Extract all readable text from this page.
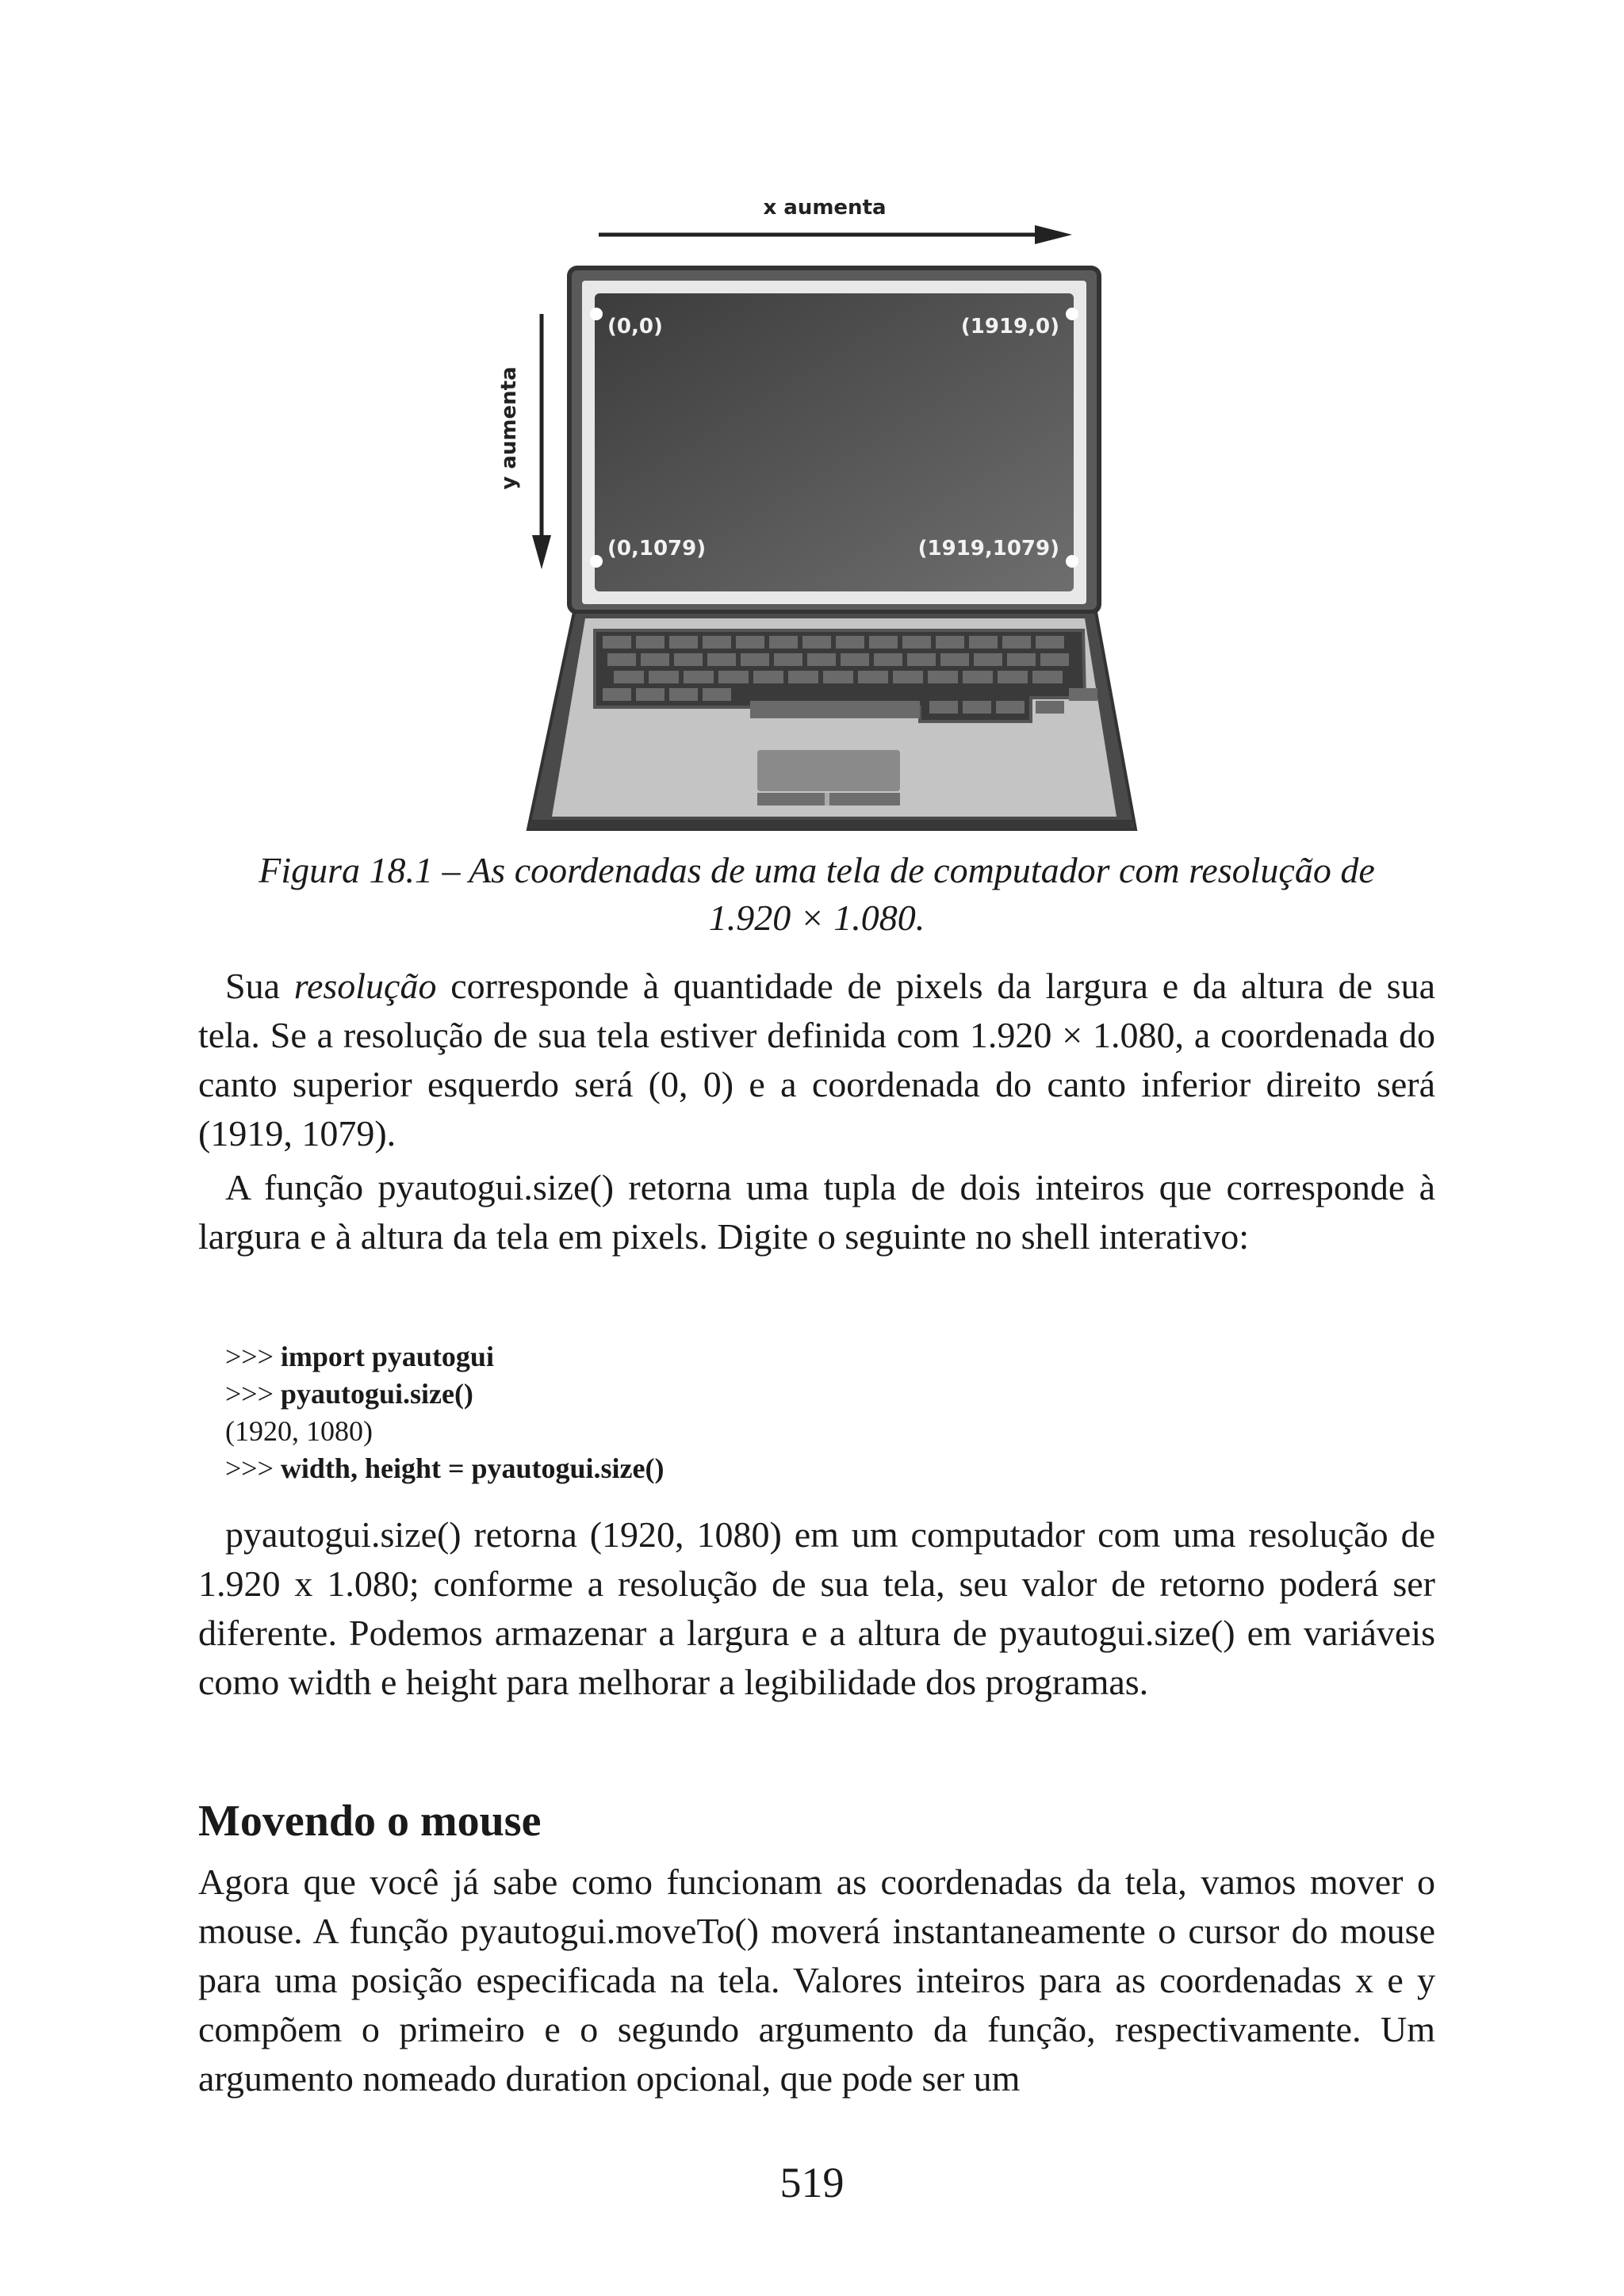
x aumenta
y aumenta
(0,0)	(1919,0)
(0,1079)	(1919,1079)
Figura 18.1 – As coordenadas de uma tela de computador com resolução de
1.920 × 1.080.

Sua resolução corresponde à quantidade de pixels da largura e da altura de sua tela. Se a resolução de sua tela estiver definida com 1.920 × 1.080, a coordenada do canto superior esquerdo será (0, 0) e a coordenada do canto inferior direito será (1919, 1079).

A função pyautogui.size() retorna uma tupla de dois inteiros que corresponde à largura e à altura da tela em pixels. Digite o seguinte no shell interativo:

>>> import pyautogui
>>> pyautogui.size()
(1920, 1080)
>>> width, height = pyautogui.size()

pyautogui.size() retorna (1920, 1080) em um computador com uma resolução de 1.920 x 1.080; conforme a resolução de sua tela, seu valor de retorno poderá ser diferente. Podemos armazenar a largura e a altura de pyautogui.size() em variáveis como width e height para melhorar a legibilidade dos programas.

Movendo o mouse

Agora que você já sabe como funcionam as coordenadas da tela, vamos mover o mouse. A função pyautogui.moveTo() moverá instantaneamente o cursor do mouse para uma posição especificada na tela. Valores inteiros para as coordenadas x e y compõem o primeiro e o segundo argumento da função, respectivamente. Um argumento nomeado duration opcional, que pode ser um

519
